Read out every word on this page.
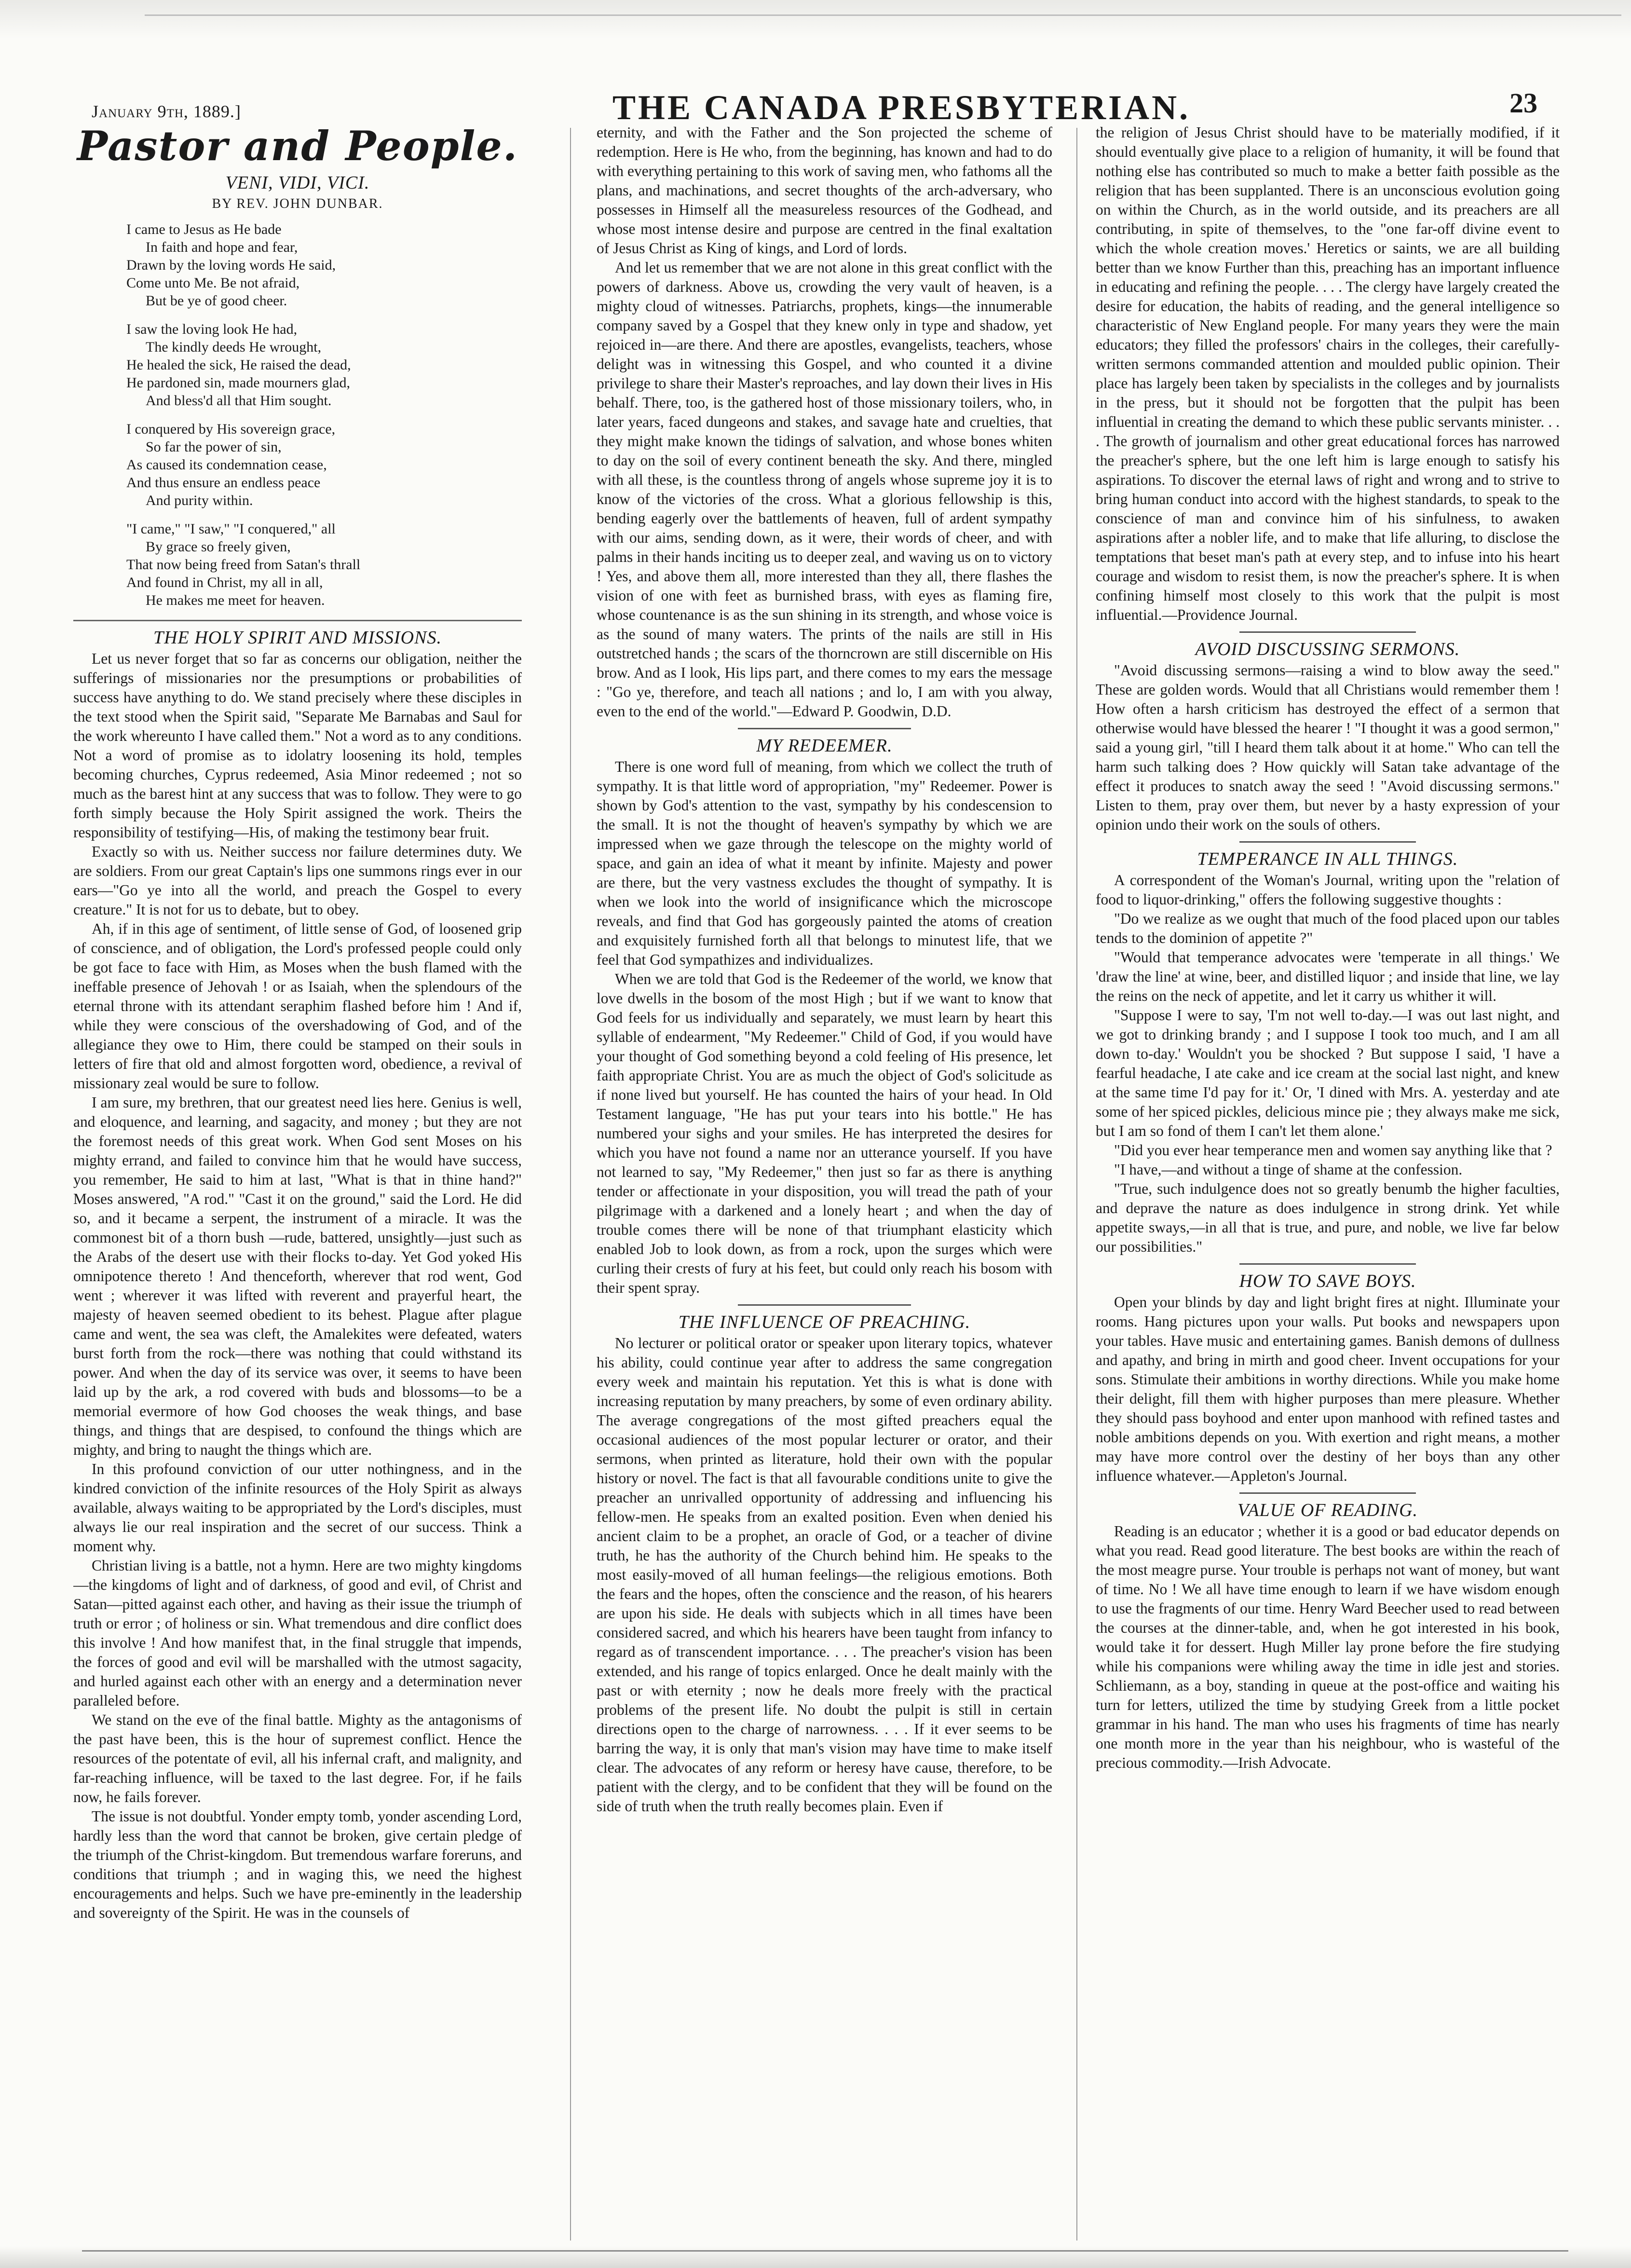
January 9th, 1889.]	THE CANADA PRESBYTERIAN.	23
Pastor and People.
VENI, VIDI, VICI.
BY REV. JOHN DUNBAR.
I came to Jesus as He bade
In faith and hope and fear,
Drawn by the loving words He said,
Come unto Me. Be not afraid,
But be ye of good cheer.
I saw the loving look He had,
The kindly deeds He wrought,
He healed the sick, He raised the dead,
He pardoned sin, made mourners glad,
And bless'd all that Him sought.
I conquered by His sovereign grace,
So far the power of sin,
As caused its condemnation cease,
And thus ensure an endless peace
And purity within.
"I came," "I saw," "I conquered," all
By grace so freely given,
That now being freed from Satan's thrall
And found in Christ, my all in all,
He makes me meet for heaven.
THE HOLY SPIRIT AND MISSIONS.

Let us never forget that so far as concerns our obligation, neither the sufferings of missionaries nor the presumptions or probabilities of success have anything to do. We stand precisely where these disciples in the text stood when the Spirit said, "Separate Me Barnabas and Saul for the work whereunto I have called them." Not a word as to any conditions. Not a word of promise as to idolatry loosening its hold, temples becoming churches, Cyprus redeemed, Asia Minor redeemed ; not so much as the barest hint at any success that was to follow. They were to go forth simply because the Holy Spirit assigned the work. Theirs the responsibility of testifying—His, of making the testimony bear fruit.

Exactly so with us. Neither success nor failure determines duty. We are soldiers. From our great Captain's lips one summons rings ever in our ears—"Go ye into all the world, and preach the Gospel to every creature." It is not for us to debate, but to obey.

Ah, if in this age of sentiment, of little sense of God, of loosened grip of conscience, and of obligation, the Lord's professed people could only be got face to face with Him, as Moses when the bush flamed with the ineffable presence of Jehovah ! or as Isaiah, when the splendours of the eternal throne with its attendant seraphim flashed before him ! And if, while they were conscious of the overshadowing of God, and of the allegiance they owe to Him, there could be stamped on their souls in letters of fire that old and almost forgotten word, obedience, a revival of missionary zeal would be sure to follow.

I am sure, my brethren, that our greatest need lies here. Genius is well, and eloquence, and learning, and sagacity, and money ; but they are not the foremost needs of this great work. When God sent Moses on his mighty errand, and failed to convince him that he would have success, you remember, He said to him at last, "What is that in thine hand?" Moses answered, "A rod." "Cast it on the ground," said the Lord. He did so, and it became a serpent, the instrument of a miracle. It was the commonest bit of a thorn bush —rude, battered, unsightly—just such as the Arabs of the desert use with their flocks to-day. Yet God yoked His omnipotence thereto ! And thenceforth, wherever that rod went, God went ; wherever it was lifted with reverent and prayerful heart, the majesty of heaven seemed obedient to its behest. Plague after plague came and went, the sea was cleft, the Amalekites were defeated, waters burst forth from the rock—there was nothing that could withstand its power. And when the day of its service was over, it seems to have been laid up by the ark, a rod covered with buds and blossoms—to be a memorial evermore of how God chooses the weak things, and base things, and things that are despised, to confound the things which are mighty, and bring to naught the things which are.

In this profound conviction of our utter nothingness, and in the kindred conviction of the infinite resources of the Holy Spirit as always available, always waiting to be appropriated by the Lord's disciples, must always lie our real inspiration and the secret of our success. Think a moment why.

Christian living is a battle, not a hymn. Here are two mighty kingdoms—the kingdoms of light and of darkness, of good and evil, of Christ and Satan—pitted against each other, and having as their issue the triumph of truth or error ; of holiness or sin. What tremendous and dire conflict does this involve ! And how manifest that, in the final struggle that impends, the forces of good and evil will be marshalled with the utmost sagacity, and hurled against each other with an energy and a determination never paralleled before.

We stand on the eve of the final battle. Mighty as the antagonisms of the past have been, this is the hour of supremest conflict. Hence the resources of the potentate of evil, all his infernal craft, and malignity, and far-reaching influence, will be taxed to the last degree. For, if he fails now, he fails forever.

The issue is not doubtful. Yonder empty tomb, yonder ascending Lord, hardly less than the word that cannot be broken, give certain pledge of the triumph of the Christ-kingdom. But tremendous warfare foreruns, and conditions that triumph ; and in waging this, we need the highest encouragements and helps. Such we have pre-eminently in the leadership and sovereignty of the Spirit. He was in the counsels of

eternity, and with the Father and the Son projected the scheme of redemption. Here is He who, from the beginning, has known and had to do with everything pertaining to this work of saving men, who fathoms all the plans, and machinations, and secret thoughts of the arch-adversary, who possesses in Himself all the measureless resources of the Godhead, and whose most intense desire and purpose are centred in the final exaltation of Jesus Christ as King of kings, and Lord of lords.

And let us remember that we are not alone in this great conflict with the powers of darkness. Above us, crowding the very vault of heaven, is a mighty cloud of witnesses. Patriarchs, prophets, kings—the innumerable company saved by a Gospel that they knew only in type and shadow, yet rejoiced in—are there. And there are apostles, evangelists, teachers, whose delight was in witnessing this Gospel, and who counted it a divine privilege to share their Master's reproaches, and lay down their lives in His behalf. There, too, is the gathered host of those missionary toilers, who, in later years, faced dungeons and stakes, and savage hate and cruelties, that they might make known the tidings of salvation, and whose bones whiten to day on the soil of every continent beneath the sky. And there, mingled with all these, is the countless throng of angels whose supreme joy it is to know of the victories of the cross. What a glorious fellowship is this, bending eagerly over the battlements of heaven, full of ardent sympathy with our aims, sending down, as it were, their words of cheer, and with palms in their hands inciting us to deeper zeal, and waving us on to victory ! Yes, and above them all, more interested than they all, there flashes the vision of one with feet as burnished brass, with eyes as flaming fire, whose countenance is as the sun shining in its strength, and whose voice is as the sound of many waters. The prints of the nails are still in His outstretched hands ; the scars of the thorncrown are still discernible on His brow. And as I look, His lips part, and there comes to my ears the message : "Go ye, therefore, and teach all nations ; and lo, I am with you alway, even to the end of the world."—Edward P. Goodwin, D.D.

MY REDEEMER.

There is one word full of meaning, from which we collect the truth of sympathy. It is that little word of appropriation, "my" Redeemer. Power is shown by God's attention to the vast, sympathy by his condescension to the small. It is not the thought of heaven's sympathy by which we are impressed when we gaze through the telescope on the mighty world of space, and gain an idea of what it meant by infinite. Majesty and power are there, but the very vastness excludes the thought of sympathy. It is when we look into the world of insignificance which the microscope reveals, and find that God has gorgeously painted the atoms of creation and exquisitely furnished forth all that belongs to minutest life, that we feel that God sympathizes and individualizes.

When we are told that God is the Redeemer of the world, we know that love dwells in the bosom of the most High ; but if we want to know that God feels for us individually and separately, we must learn by heart this syllable of endearment, "My Redeemer." Child of God, if you would have your thought of God something beyond a cold feeling of His presence, let faith appropriate Christ. You are as much the object of God's solicitude as if none lived but yourself. He has counted the hairs of your head. In Old Testament language, "He has put your tears into his bottle." He has numbered your sighs and your smiles. He has interpreted the desires for which you have not found a name nor an utterance yourself. If you have not learned to say, "My Redeemer," then just so far as there is anything tender or affectionate in your disposition, you will tread the path of your pilgrimage with a darkened and a lonely heart ; and when the day of trouble comes there will be none of that triumphant elasticity which enabled Job to look down, as from a rock, upon the surges which were curling their crests of fury at his feet, but could only reach his bosom with their spent spray.

THE INFLUENCE OF PREACHING.

No lecturer or political orator or speaker upon literary topics, whatever his ability, could continue year after to address the same congregation every week and maintain his reputation. Yet this is what is done with increasing reputation by many preachers, by some of even ordinary ability. The average congregations of the most gifted preachers equal the occasional audiences of the most popular lecturer or orator, and their sermons, when printed as literature, hold their own with the popular history or novel. The fact is that all favourable conditions unite to give the preacher an unrivalled opportunity of addressing and influencing his fellow-men. He speaks from an exalted position. Even when denied his ancient claim to be a prophet, an oracle of God, or a teacher of divine truth, he has the authority of the Church behind him. He speaks to the most easily-moved of all human feelings—the religious emotions. Both the fears and the hopes, often the conscience and the reason, of his hearers are upon his side. He deals with subjects which in all times have been considered sacred, and which his hearers have been taught from infancy to regard as of transcendent importance. . . . The preacher's vision has been extended, and his range of topics enlarged. Once he dealt mainly with the past or with eternity ; now he deals more freely with the practical problems of the present life. No doubt the pulpit is still in certain directions open to the charge of narrowness. . . . If it ever seems to be barring the way, it is only that man's vision may have time to make itself clear. The advocates of any reform or heresy have cause, therefore, to be patient with the clergy, and to be confident that they will be found on the side of truth when the truth really becomes plain. Even if

the religion of Jesus Christ should have to be materially modified, if it should eventually give place to a religion of humanity, it will be found that nothing else has contributed so much to make a better faith possible as the religion that has been supplanted. There is an unconscious evolution going on within the Church, as in the world outside, and its preachers are all contributing, in spite of themselves, to the "one far-off divine event to which the whole creation moves.' Heretics or saints, we are all building better than we know Further than this, preaching has an important influence in educating and refining the people. . . . The clergy have largely created the desire for education, the habits of reading, and the general intelligence so characteristic of New England people. For many years they were the main educators; they filled the professors' chairs in the colleges, their carefully-written sermons commanded attention and moulded public opinion. Their place has largely been taken by specialists in the colleges and by journalists in the press, but it should not be forgotten that the pulpit has been influential in creating the demand to which these public servants minister. . . . The growth of journalism and other great educational forces has narrowed the preacher's sphere, but the one left him is large enough to satisfy his aspirations. To discover the eternal laws of right and wrong and to strive to bring human conduct into accord with the highest standards, to speak to the conscience of man and convince him of his sinfulness, to awaken aspirations after a nobler life, and to make that life alluring, to disclose the temptations that beset man's path at every step, and to infuse into his heart courage and wisdom to resist them, is now the preacher's sphere. It is when confining himself most closely to this work that the pulpit is most influential.—Providence Journal.

AVOID DISCUSSING SERMONS.

"Avoid discussing sermons—raising a wind to blow away the seed." These are golden words. Would that all Christians would remember them ! How often a harsh criticism has destroyed the effect of a sermon that otherwise would have blessed the hearer ! "I thought it was a good sermon," said a young girl, "till I heard them talk about it at home." Who can tell the harm such talking does ? How quickly will Satan take advantage of the effect it produces to snatch away the seed ! "Avoid discussing sermons." Listen to them, pray over them, but never by a hasty expression of your opinion undo their work on the souls of others.

TEMPERANCE IN ALL THINGS.

A correspondent of the Woman's Journal, writing upon the "relation of food to liquor-drinking," offers the following suggestive thoughts :

"Do we realize as we ought that much of the food placed upon our tables tends to the dominion of appetite ?"

"Would that temperance advocates were 'temperate in all things.' We 'draw the line' at wine, beer, and distilled liquor ; and inside that line, we lay the reins on the neck of appetite, and let it carry us whither it will.

"Suppose I were to say, 'I'm not well to-day.—I was out last night, and we got to drinking brandy ; and I suppose I took too much, and I am all down to-day.' Wouldn't you be shocked ? But suppose I said, 'I have a fearful headache, I ate cake and ice cream at the social last night, and knew at the same time I'd pay for it.' Or, 'I dined with Mrs. A. yesterday and ate some of her spiced pickles, delicious mince pie ; they always make me sick, but I am so fond of them I can't let them alone.'

"Did you ever hear temperance men and women say anything like that ?

"I have,—and without a tinge of shame at the confession.

"True, such indulgence does not so greatly benumb the higher faculties, and deprave the nature as does indulgence in strong drink. Yet while appetite sways,—in all that is true, and pure, and noble, we live far below our possibilities."

HOW TO SAVE BOYS.

Open your blinds by day and light bright fires at night. Illuminate your rooms. Hang pictures upon your walls. Put books and newspapers upon your tables. Have music and entertaining games. Banish demons of dullness and apathy, and bring in mirth and good cheer. Invent occupations for your sons. Stimulate their ambitions in worthy directions. While you make home their delight, fill them with higher purposes than mere pleasure. Whether they should pass boyhood and enter upon manhood with refined tastes and noble ambitions depends on you. With exertion and right means, a mother may have more control over the destiny of her boys than any other influence whatever.—Appleton's Journal.

VALUE OF READING.

Reading is an educator ; whether it is a good or bad educator depends on what you read. Read good literature. The best books are within the reach of the most meagre purse. Your trouble is perhaps not want of money, but want of time. No ! We all have time enough to learn if we have wisdom enough to use the fragments of our time. Henry Ward Beecher used to read between the courses at the dinner-table, and, when he got interested in his book, would take it for dessert. Hugh Miller lay prone before the fire studying while his companions were whiling away the time in idle jest and stories. Schliemann, as a boy, standing in queue at the post-office and waiting his turn for letters, utilized the time by studying Greek from a little pocket grammar in his hand. The man who uses his fragments of time has nearly one month more in the year than his neighbour, who is wasteful of the precious commodity.—Irish Advocate.
